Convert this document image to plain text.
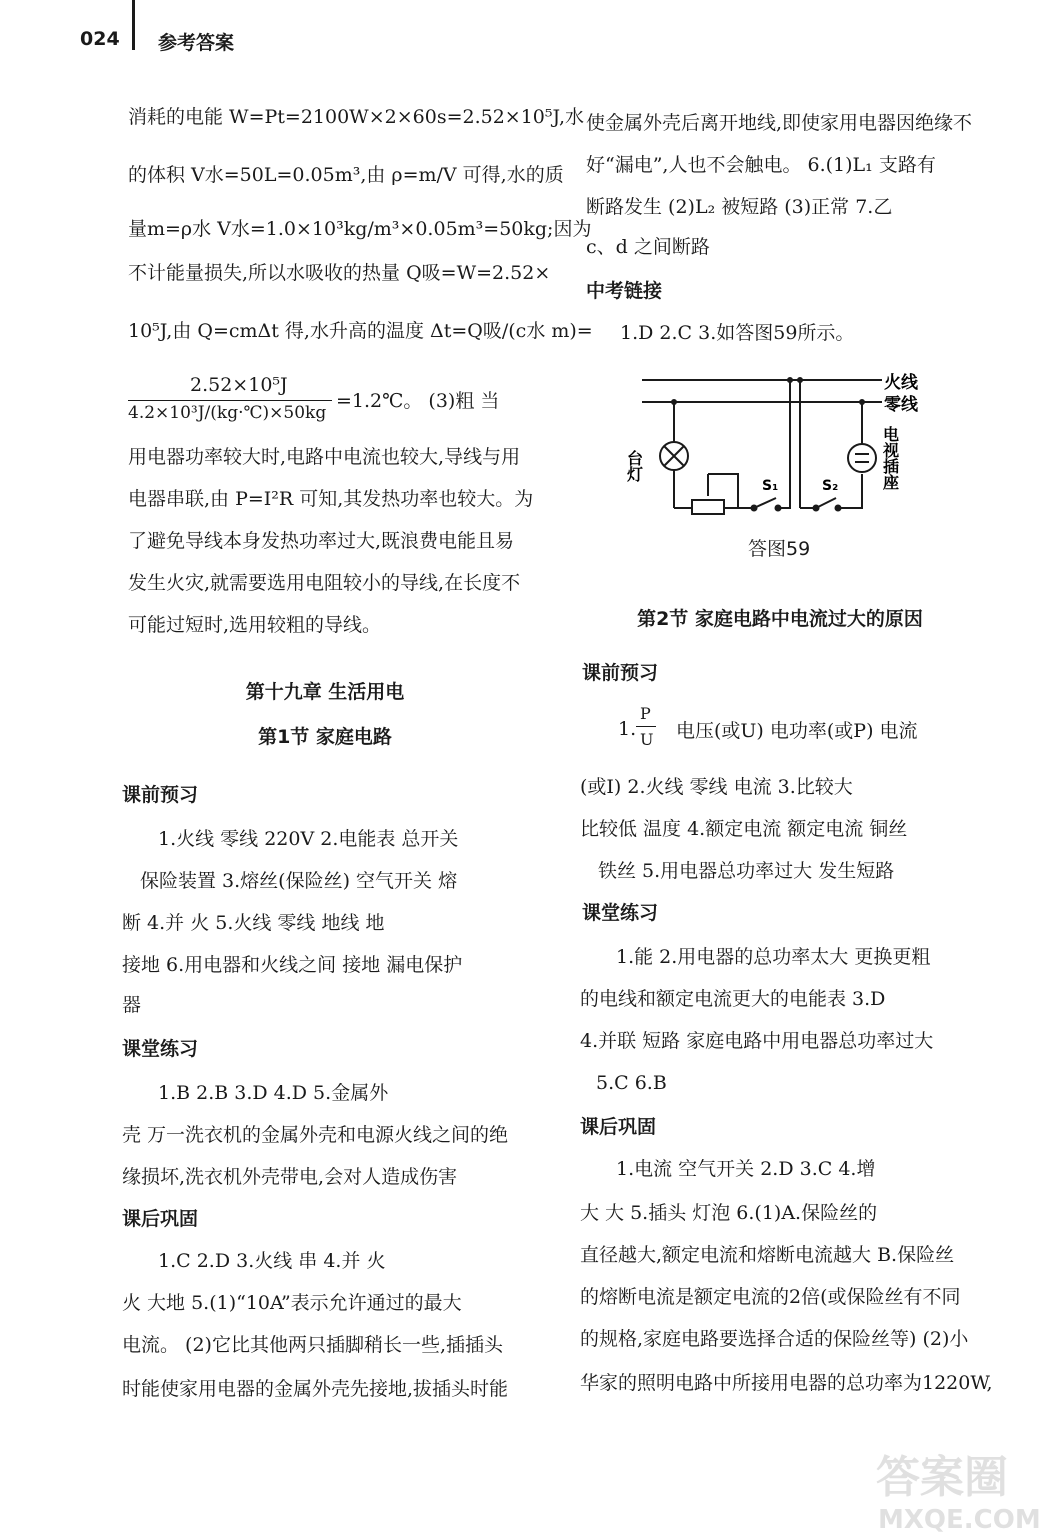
024 参考答案
消耗的电能 W=Pt=2100W×2×60s=2.52×10⁵J,水
的体积 V水=50L=0.05m³,由 ρ=m/V 可得,水的质
量m=ρ水 V水=1.0×10³kg/m³×0.05m³=50kg;因为
不计能量损失,所以水吸收的热量 Q吸=W=2.52×
10⁵J,由 Q=cmΔt 得,水升高的温度 Δt=Q吸/(c水 m)=
2.52×10⁵J
4.2×10³J/(kg·℃)×50kg
=1.2℃。 (3)粗 当
用电器功率较大时,电路中电流也较大,导线与用
电器串联,由 P=I²R 可知,其发热功率也较大。为
了避免导线本身发热功率过大,既浪费电能且易
发生火灾,就需要选用电阻较小的导线,在长度不
可能过短时,选用较粗的导线。
第十九章 生活用电
第1节 家庭电路
课前预习
1.火线 零线 220V 2.电能表 总开关
保险装置 3.熔丝(保险丝) 空气开关 熔
断 4.并 火 5.火线 零线 地线 地
接地 6.用电器和火线之间 接地 漏电保护
器
课堂练习
1.B 2.B 3.D 4.D 5.金属外
壳 万一洗衣机的金属外壳和电源火线之间的绝
缘损坏,洗衣机外壳带电,会对人造成伤害
课后巩固
1.C 2.D 3.火线 串 4.并 火
火 大地 5.(1)“10A”表示允许通过的最大
电流。 (2)它比其他两只插脚稍长一些,插插头
时能使家用电器的金属外壳先接地,拔插头时能
使金属外壳后离开地线,即使家用电器因绝缘不
好“漏电”,人也不会触电。 6.(1)L₁ 支路有
断路发生 (2)L₂ 被短路 (3)正常 7.乙
c、d 之间断路
中考链接
1.D 2.C 3.如答图59所示。
火线
零线
台灯	电视插座
S₁	S₂
答图59
第2节 家庭电路中电流过大的原因
课前预习
1.
P
U 电压(或U) 电功率(或P) 电流
(或I) 2.火线 零线 电流 3.比较大
比较低 温度 4.额定电流 额定电流 铜丝
铁丝 5.用电器总功率过大 发生短路
课堂练习
1.能 2.用电器的总功率太大 更换更粗
的电线和额定电流更大的电能表 3.D
4.并联 短路 家庭电路中用电器总功率过大
5.C 6.B
课后巩固
1.电流 空气开关 2.D 3.C 4.增
大 大 5.插头 灯泡 6.(1)A.保险丝的
直径越大,额定电流和熔断电流越大 B.保险丝
的熔断电流是额定电流的2倍(或保险丝有不同
的规格,家庭电路要选择合适的保险丝等) (2)小
华家的照明电路中所接用电器的总功率为1220W,
答案圈
MXQE.COM
